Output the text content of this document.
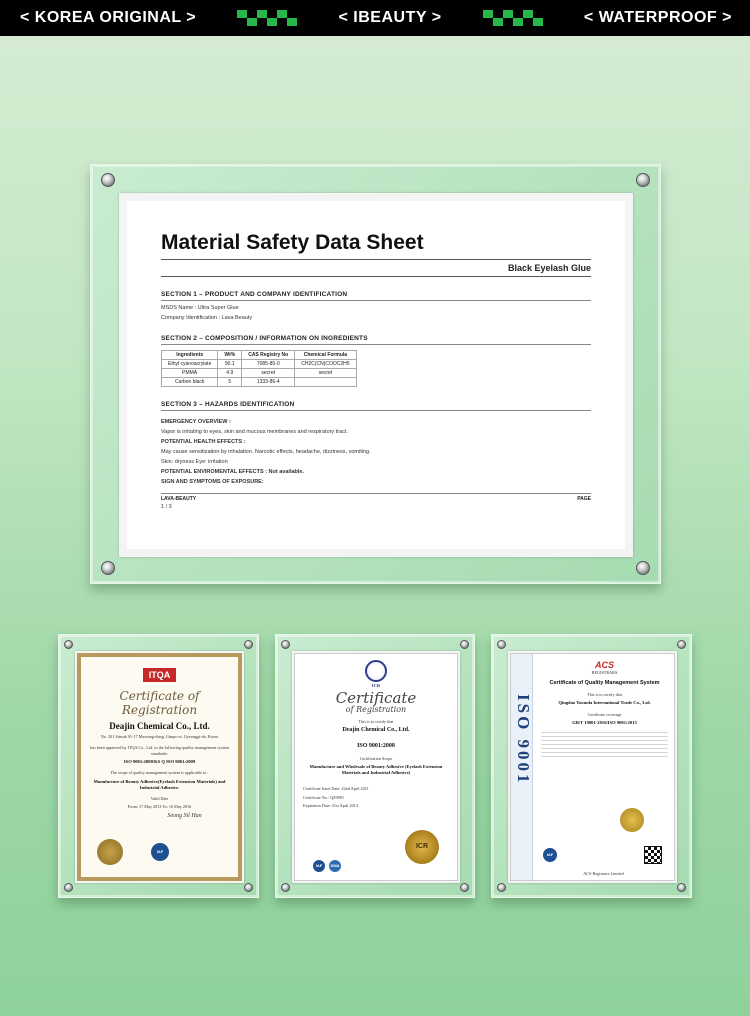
< KOREA ORIGINAL >	< IBEAUTY >	< WATERPROOF >
Material Safety Data Sheet
Black Eyelash Glue
SECTION 1 – PRODUCT AND COMPANY IDENTIFICATION
MSDS Name : Ultra Super Glue
Company Identification : Lava Beauty
SECTION 2 – COMPOSITION / INFORMATION ON INGREDIENTS
Ingredients	Wt%	CAS Registry No	Chemical Formula
Ethyl cyanoacrylate	90.1	7085-85-0	CH2C(CN)COOC2H5
PMMA	4.9	secret	secret
Carbon black	5	1333-86-4	
SECTION 3 – HAZARDS IDENTIFICATION
EMERGENCY OVERVIEW :
Vapor is irritating to eyes, skin and mucous membranes and respiratory tract.
POTENTIAL HEALTH EFFECTS :
May cause sensitization by inhalation. Narcotic effects, headache, dizziness, vomiting.
Skin: dryness Eye: irritation
POTENTIAL ENVIROMENTAL EFFECTS : Not available.
SIGN AND SYMPTOMS OF EXPOSURE:
LAVA-BEAUTY	PAGE
1 / 3
ITQA
Certificate of Registration
Deajin Chemical Co., Ltd.
No. 201 Sinsuk 91-17 Maseong-dong, Gimpo-si, Gyeonggi-do, Korea
has been approved by ITQA Co., Ltd. to the following quality management system standards:
ISO 9001:2008/KS Q ISO 9001:2009
The scope of quality management system is applicable to :
Manufacture of Beauty Adhesive(Eyelash Extension Materials) and Industrial Adhesive.
Valid Date
From: 17 May 2013 To: 16 May 2016
Seong Sil Han
IAF
ICR
Certificate
of Registration
This is to certify that
Deajin Chemical Co., Ltd.
ISO 9001:2008
Certification Scope
Manufacture and Wholesale of Beauty Adhesive (Eyelash Extension Materials and Industrial Adhesive)
Certificate Issue Date: 22nd April 2011
Certificate No.: QZ0991
Expiration Date: 21st April 2014
ICR
IAF	DMA
ISO 9001
ACS
REGISTRARS
Certificate of Quality Management System
This is to certify that
Qingdao Yoomda International Trade Co., Ltd.
Certificate coverage
GB/T 19001-2016/ISO 9001:2015
IAF
ACS Registrars Limited
